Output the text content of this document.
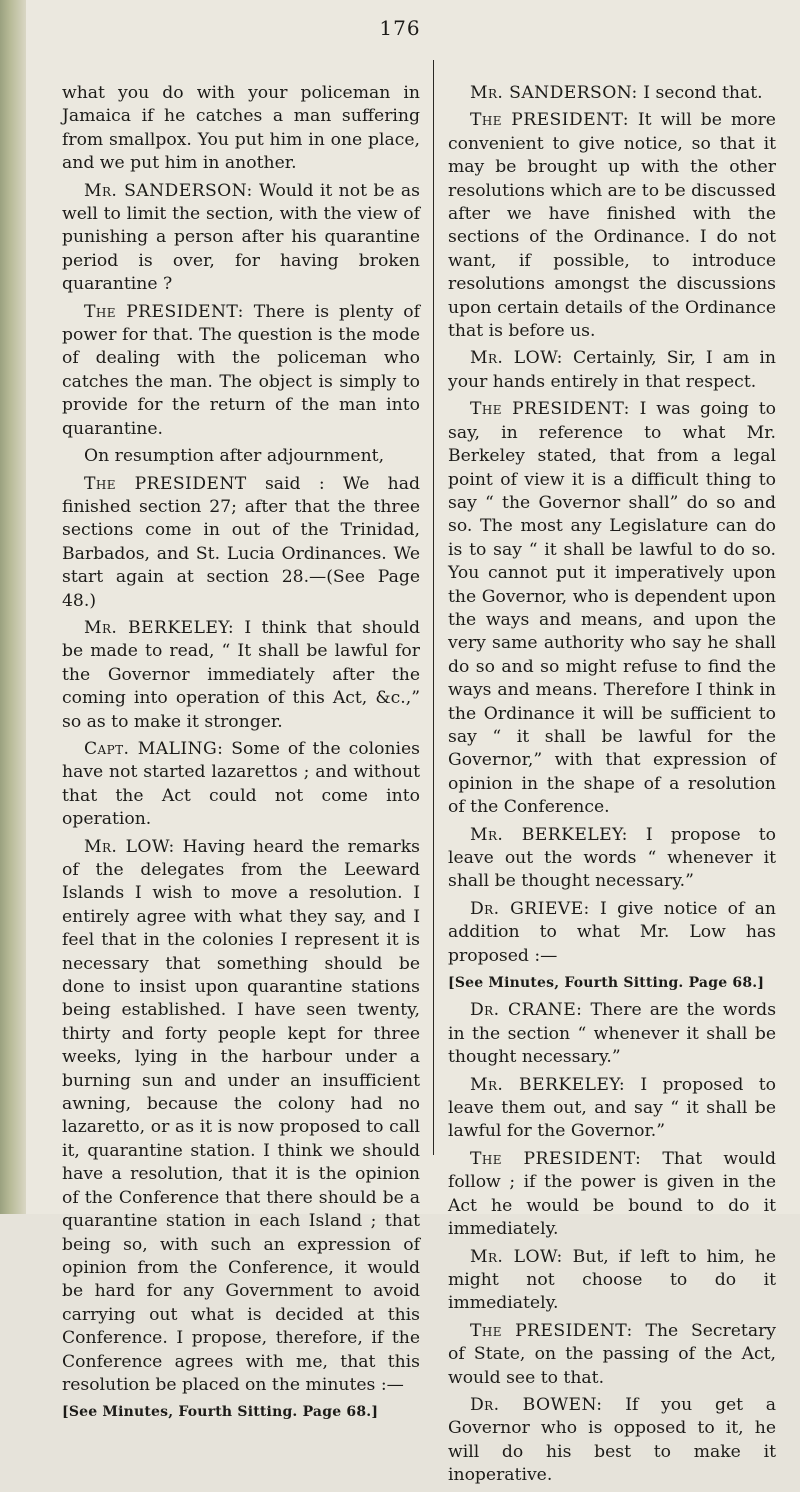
176

what you do with your policeman in Jamaica if he catches a man suffering from smallpox. You put him in one place, and we put him in another.

Mr. SANDERSON: Would it not be as well to limit the section, with the view of punishing a person after his quarantine period is over, for having broken quarantine ?

The PRESIDENT: There is plenty of power for that. The question is the mode of dealing with the policeman who catches the man. The object is simply to provide for the return of the man into quarantine.

On resumption after adjournment,

The PRESIDENT said : We had finished section 27; after that the three sections come in out of the Trinidad, Barbados, and St. Lucia Ordinances. We start again at section 28.—(See Page 48.)

Mr. BERKELEY: I think that should be made to read, “ It shall be lawful for the Governor immediately after the coming into operation of this Act, &c.,” so as to make it stronger.

Capt. MALING: Some of the colonies have not started lazarettos ; and without that the Act could not come into operation.

Mr. LOW: Having heard the remarks of the delegates from the Leeward Islands I wish to move a resolution. I entirely agree with what they say, and I feel that in the colonies I represent it is necessary that something should be done to insist upon quarantine stations being established. I have seen twenty, thirty and forty people kept for three weeks, lying in the harbour under a burning sun and under an insufficient awning, because the colony had no lazaretto, or as it is now proposed to call it, quarantine station. I think we should have a resolution, that it is the opinion of the Conference that there should be a quarantine station in each Island ; that being so, with such an expression of opinion from the Conference, it would be hard for any Government to avoid carrying out what is decided at this Conference. I propose, therefore, if the Conference agrees with me, that this resolution be placed on the minutes :—

[See Minutes, Fourth Sitting. Page 68.]

Mr. SANDERSON: I second that.

The PRESIDENT: It will be more convenient to give notice, so that it may be brought up with the other resolutions which are to be discussed after we have finished with the sections of the Ordinance. I do not want, if possible, to introduce resolutions amongst the discussions upon certain details of the Ordinance that is before us.

Mr. LOW: Certainly, Sir, I am in your hands entirely in that respect.

The PRESIDENT: I was going to say, in reference to what Mr. Berkeley stated, that from a legal point of view it is a difficult thing to say “ the Governor shall” do so and so. The most any Legislature can do is to say “ it shall be lawful to do so. You cannot put it imperatively upon the Governor, who is dependent upon the ways and means, and upon the very same authority who say he shall do so and so might refuse to find the ways and means. Therefore I think in the Ordinance it will be sufficient to say “ it shall be lawful for the Governor,” with that expression of opinion in the shape of a resolution of the Conference.

Mr. BERKELEY: I propose to leave out the words “ whenever it shall be thought necessary.”

Dr. GRIEVE: I give notice of an addition to what Mr. Low has proposed :—

[See Minutes, Fourth Sitting. Page 68.]

Dr. CRANE: There are the words in the section “ whenever it shall be thought necessary.”

Mr. BERKELEY: I proposed to leave them out, and say “ it shall be lawful for the Governor.”

The PRESIDENT: That would follow ; if the power is given in the Act he would be bound to do it immediately.

Mr. LOW: But, if left to him, he might not choose to do it immediately.

The PRESIDENT: The Secretary of State, on the passing of the Act, would see to that.

Dr. BOWEN: If you get a Governor who is opposed to it, he will do his best to make it inoperative.
